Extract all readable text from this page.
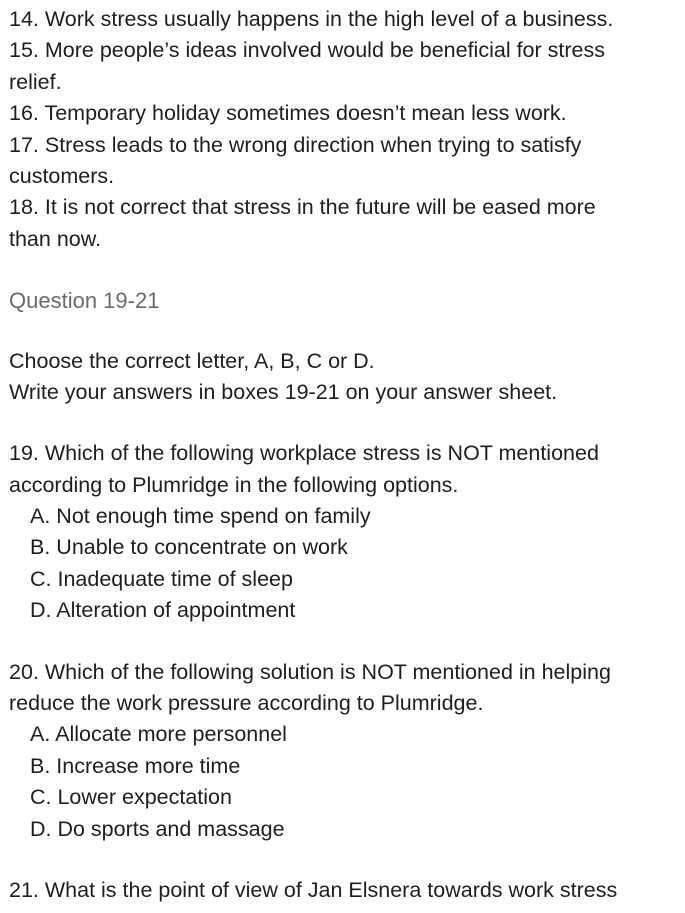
14. Work stress usually happens in the high level of a business.
15. More people’s ideas involved would be beneficial for stress
relief.
16. Temporary holiday sometimes doesn’t mean less work.
17. Stress leads to the wrong direction when trying to satisfy
customers.
18. It is not correct that stress in the future will be eased more
than now.
Question 19-21
Choose the correct letter, A, B, C or D.
Write your answers in boxes 19-21 on your answer sheet.
19. Which of the following workplace stress is NOT mentioned
according to Plumridge in the following options.
A. Not enough time spend on family
B. Unable to concentrate on work
C. Inadequate time of sleep
D. Alteration of appointment
20. Which of the following solution is NOT mentioned in helping
reduce the work pressure according to Plumridge.
A. Allocate more personnel
B. Increase more time
C. Lower expectation
D. Do sports and massage
21. What is the point of view of Jan Elsnera towards work stress
